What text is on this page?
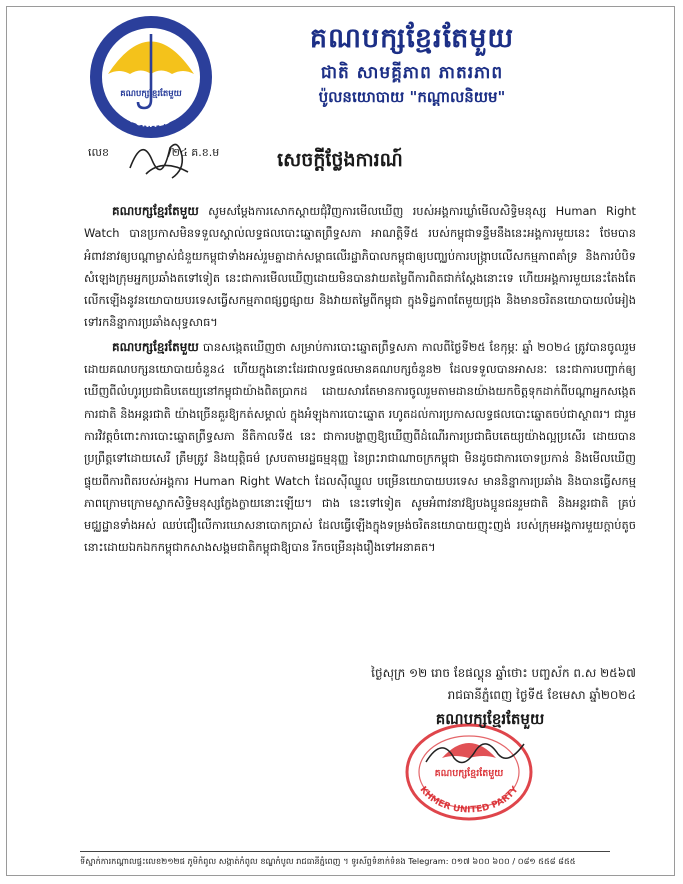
KHMER UNITED PARTY
គណបក្សខ្មែរតែមួយ
លេខ	/២៤ គ.ខ.ម
គណបក្សខ្មែរតែមួយ
ជាតិ សាមគ្គីភាព ភាតរភាព
ប៉ូលនយោបាយ "កណ្តាលនិយម"
សេចក្តីថ្លែងការណ៍

គណបក្សខ្មែរតែមួយ សូមសម្តែងការសោកស្តាយជុំវិញការមើលឃើញ របស់អង្គការឃ្លាំមើលសិទ្ធិមនុស្ស Human Right Watch បានប្រកាសមិនទទួលស្គាល់លទ្ធផលបោះឆ្នោតព្រឹទ្ធសភា អាណត្តិទី៥ របស់កម្ពុជាទន្ទឹមនឹងនេះអង្គការមួយនេះ ថែមបានអំពាវនាវឲ្យបណ្តាម្ចាស់ជំនួយកម្ពុជាទាំងអស់រួមគ្នាដាក់សម្ពាធលើរដ្ឋាភិបាលកម្ពុជាឲ្យបញ្ឈប់ការបង្ក្រាបលើសកម្មភាពគាំទ្រ និងការបំបិទសំឡេងក្រុមអ្នកប្រឆាំងតទៅទៀត នេះជាការមើលឃើញដោយមិនបានវាយតម្លៃពីការពិតជាក់ស្តែងនោះទេ ហើយអង្គការមួយនេះតែងតែលើកឡើងនូវនយោបាយបរទេសធ្វើសកម្មភាពផ្សព្វផ្សាយ និងវាយតម្លៃពីកម្ពុជា ក្នុងទិដ្ឋភាពតែមួយជ្រុង និងមានចរិតនយោបាយលំអៀងទៅរកនិន្នាការប្រឆាំងសុទ្ធសាធ។

គណបក្សខ្មែរតែមួយ បានសង្កេតឃើញថា សម្រាប់ការបោះឆ្នោតព្រឹទ្ធសភា កាលពីថ្ងៃទី២៥ ខែកុម្ភៈ ឆ្នាំ ២០២៤ ត្រូវបានចូលរួមដោយគណបក្សនយោបាយចំនួន៤ ហើយក្នុងនោះដែរជាលទ្ធផលមានគណបក្សចំនួន២ ដែលទទួលបានអាសនៈ នេះជាការបញ្ជាក់ឲ្យឃើញពីលំហូរប្រជាធិបតេយ្យនៅកម្ពុជាយ៉ាងពិតប្រាកដ ដោយសារតែមានការចូលរួមតាមដានយ៉ាងយកចិត្តទុកដាក់ពីបណ្តាអ្នកសង្កេតការជាតិ និងអន្តរជាតិ យ៉ាងច្រើនគួរឱ្យកត់សម្គាល់ ក្នុងអំឡុងការបោះឆ្នោត រហូតដល់ការប្រកាសលទ្ធផលបោះឆ្នោតចប់ជាស្ថាពរ។ ជារួមការវិវត្តចំពោះការបោះឆ្នោតព្រឹទ្ធសភា នីតិកាលទី៥ នេះ ជាការបង្ហាញឱ្យឃើញពីដំណើរការប្រជាធិបតេយ្យយ៉ាងល្អប្រសើរ ដោយបានប្រព្រឹត្តទៅដោយសេរី ត្រឹមត្រូវ និងយុត្តិធម៌ ស្របតាមរដ្ឋធម្មនុញ្ញ នៃព្រះរាជាណាចក្រកម្ពុជា មិនដូចជាការចោទប្រកាន់ និងមើលឃើញផ្ទុយពីការពិតរបស់អង្គការ Human Right Watch ដែលស៊ីឈ្នួល បម្រើនយោបាយបរទេស មាននិន្នាការប្រឆាំង និងបានធ្វើសកម្មភាពក្រោមក្រោមស្លាកសិទ្ធិមនុស្សក្លែងក្លាយនោះឡើយ។ ជាង នេះទៅទៀត សូមអំពាវនាវឱ្យបងប្អូនជនរួមជាតិ និងអន្តរជាតិ គ្រប់មជ្ឈដ្ឋានទាំងអស់ ឈប់ជឿលើការឃោសនាបោកប្រាស់ ដែលធ្វើឡើងក្នុងទម្រង់ចរិតនយោបាយញុះញង់ របស់ក្រុមអង្គការមួយក្តាប់តូចនោះដោយឯកឯកកម្ពុជាកសាងសង្គមជាតិកម្ពុជាឱ្យបាន រីកចម្រើនរុងរឿងទៅអនាគត។

ថ្ងៃសុក្រ ១២ រោច ខែផល្គុន ឆ្នាំថោះ បញ្ចស័ក ព.ស ២៥៦៧
រាជធានីភ្នំពេញ ថ្ងៃទី៥ ខែមេសា ឆ្នាំ២០២៤
គណបក្សខ្មែរតែមួយ
KHMER UNITED PARTY
គណបក្សខ្មែរតែមួយ
ទីស្នាក់ការកណ្តាលផ្ទះលេខ២១២ផ ភូមិកំពូល សង្កាត់កំពូល ខណ្ឌកំបូល រាជធានីភ្នំពេញ ។ ទូរស័ព្ទទំនាក់ទំនង Telegram: ០១៧ ៦០០ ៦០០ / ០៨១ ៥៥៨ ៨៥៥
